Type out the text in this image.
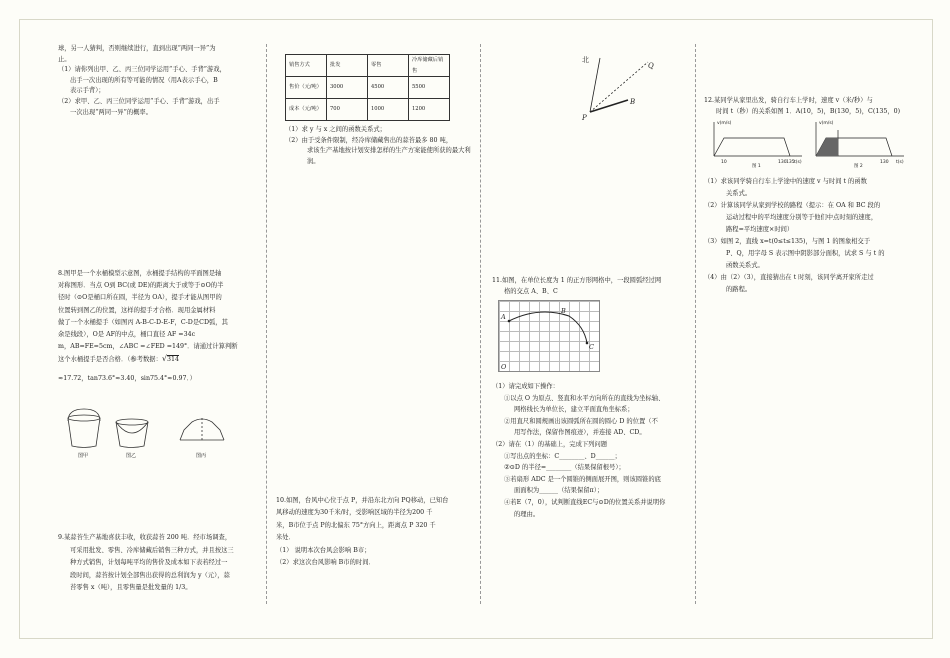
球，另一人猜判，否则继续进行，直到出现“两同一异”为

止。

（1）请你列出甲、乙、丙三位同学运用“手心、手背”游戏，

出手一次出现的所有等可能的情况（用A表示手心，B

表示手背）；

（2）求甲、乙、丙三位同学运用“手心、手背”游戏，出手

一次出现“两同一异”的概率。

8.图甲是一个水桶模型示意图，水桶提手结构的平面图是轴

对称图形．当点 O到 BC(或 DE)的距离大于或等于⊙O的半

径时（⊙O是桶口所在圆，半径为 OA），提手才能从图甲的

位置转到图乙的位置，这样的提手才合格．现用金属材料

做了一个水桶提手（如图丙 A-B-C-D-E-F，C-D是CD弧，其

余是线段），O是 AF的中点，桶口直径 AF =34c

m，AB=FE=5cm，∠ABC =∠FED =149°．请通过计算判断

这个水桶提手是否合格．（参考数据：√314

≈17.72，tan73.6°≈3.40，sin75.4°≈0.97．）

图甲	图乙	图丙

9.某蒜苔生产基地喜获丰收，收获蒜苔 200 吨．经市场调查，

可采用批发、零售、冷库储藏后销售三种方式，并且按这三

种方式销售，计划每吨平均的售价及成本如下表若经过一

段时间，蒜苔按计划全部售出获得的总利润为 y（元），蒜

苔零售 x（吨），且零售量是批发量的 1/3。

销售方式	批发	零售	冷库储藏后销售
售价（元/吨）	3000	4500	5500
成本（元/吨）	700	1000	1200

（1）求 y 与 x 之间的函数关系式；

（2）由于受条件限制，经冷库储藏售出的蒜苔最多 80 吨，

求该生产基地按计划安排怎样的生产方案能使所获的最大利润。

10.如图，台风中心位于点 P，并沿东北方向 PQ移动，已知台

风移动的速度为30千米/时，受影响区域的半径为200 千

米，B市位于点 P的北偏东 75°方向上，距离点 P 320 千

米处．

（1） 说明本次台风会影响 B市；

（2）求这次台风影响 B市的时间．

北
Q
P
B

11.如图，在单位长度为 1 的正方形网格中，一段圆弧经过网

格的交点 A、B、C

A
B
C
O

（1）请完成如下操作：

①以点 O 为原点、竖直和水平方向所在的直线为坐标轴、

网格线长为单位长，建立平面直角坐标系；

②用直尺和圆规画出该圆弧所在圆的圆心 D 的位置（不

用写作法，保留作图痕迹），并连接 AD、CD。

（2）请在（1）的基础上，完成下列问题

①写出点的坐标：C________、D______；

②⊙D 的半径=________（结果保留根号）；

③若扇形 ADC 是一个圆锥的侧面展开图，则该圆锥的底

面面积为______（结果保留π）；

④若E（7，0），试判断直线EC与⊙D的位置关系并说明你

的理由。

12.某同学从家里出发，骑自行车上学时，速度 v（米/秒）与

时间 t（秒）的关系如图 1．A(10，5)，B(130，5)，C(135，0)

v(m/s)
t(s)
130 135
10
图 1
v(m/s)
t(s)
130
图 2

（1）求该同学骑自行车上学途中的速度 v 与时间 t 的函数

关系式。

（2）计算该同学从家到学校的路程（提示：在 OA 和 BC 段的

运动过程中的平均速度分别等于他们中点时刻的速度，

路程=平均速度×时间）

（3）如图 2，直线 x=t(0≤t≤135)，与图 1 的图象相交于

P、Q，用字母 S 表示图中阴影部分面积，试求 S 与 t 的

函数关系式。

（4）由（2）（3），直接猜出在 t 时刻，该同学离开家所走过

的路程。
